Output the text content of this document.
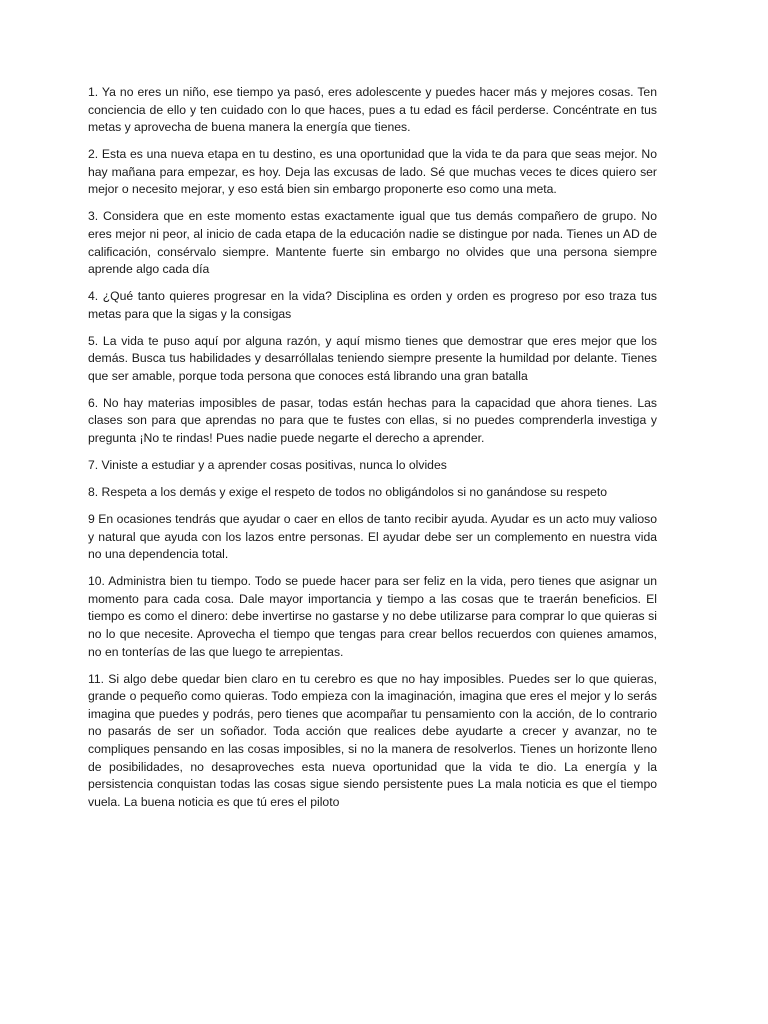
1. Ya no eres un niño, ese tiempo ya pasó, eres adolescente y puedes hacer más y mejores cosas. Ten conciencia de ello y ten cuidado con lo que haces, pues a tu edad es fácil perderse. Concéntrate en tus metas y aprovecha de buena manera la energía que tienes.

2. Esta es una nueva etapa en tu destino, es una oportunidad que la vida te da para que seas mejor. No hay mañana para empezar, es hoy. Deja las excusas de lado. Sé que muchas veces te dices quiero ser mejor o necesito mejorar, y eso está bien sin embargo proponerte eso como una meta.

3. Considera que en este momento estas exactamente igual que tus demás compañero de grupo. No eres mejor ni peor, al inicio de cada etapa de la educación nadie se distingue por nada. Tienes un AD de calificación, consérvalo siempre. Mantente fuerte sin embargo no olvides que una persona siempre aprende algo cada día

4. ¿Qué tanto quieres progresar en la vida? Disciplina es orden y orden es progreso por eso traza tus metas para que la sigas y la consigas

5. La vida te puso aquí por alguna razón, y aquí mismo tienes que demostrar que eres mejor que los demás. Busca tus habilidades y desarróllalas teniendo siempre presente la humildad por delante. Tienes que ser amable, porque toda persona que conoces está librando una gran batalla

6. No hay materias imposibles de pasar, todas están hechas para la capacidad que ahora tienes. Las clases son para que aprendas no para que te fustes con ellas, si no puedes comprenderla investiga y pregunta ¡No te rindas! Pues nadie puede negarte el derecho a aprender.

7. Viniste a estudiar y a aprender cosas positivas, nunca lo olvides

8. Respeta a los demás y exige el respeto de todos no obligándolos si no ganándose su respeto

9 En ocasiones tendrás que ayudar o caer en ellos de tanto recibir ayuda. Ayudar es un acto muy valioso y natural que ayuda con los lazos entre personas. El ayudar debe ser un complemento en nuestra vida no una dependencia total.

10. Administra bien tu tiempo. Todo se puede hacer para ser feliz en la vida, pero tienes que asignar un momento para cada cosa. Dale mayor importancia y tiempo a las cosas que te traerán beneficios. El tiempo es como el dinero: debe invertirse no gastarse y no debe utilizarse para comprar lo que quieras si no lo que necesite. Aprovecha el tiempo que tengas para crear bellos recuerdos con quienes amamos, no en tonterías de las que luego te arrepientas.

11. Si algo debe quedar bien claro en tu cerebro es que no hay imposibles. Puedes ser lo que quieras, grande o pequeño como quieras. Todo empieza con la imaginación, imagina que eres el mejor y lo serás imagina que puedes y podrás, pero tienes que acompañar tu pensamiento con la acción, de lo contrario no pasarás de ser un soñador. Toda acción que realices debe ayudarte a crecer y avanzar, no te compliques pensando en las cosas imposibles, si no la manera de resolverlos. Tienes un horizonte lleno de posibilidades, no desaproveches esta nueva oportunidad que la vida te dio. La energía y la persistencia conquistan todas las cosas sigue siendo persistente pues La mala noticia es que el tiempo vuela. La buena noticia es que tú eres el piloto
